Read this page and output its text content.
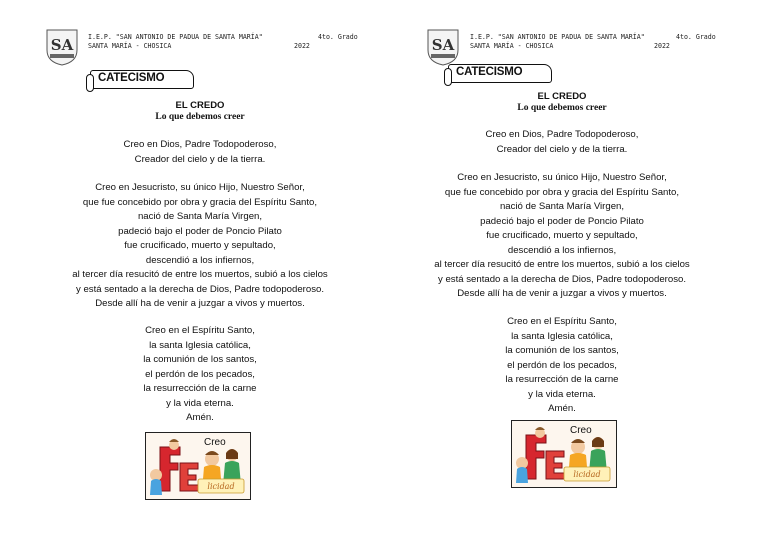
SA I.E.P. "SAN ANTONIO DE PADUA DE SANTA MARÍA"
SANTA MARÍA - CHOSICA
4to. Grado
2022
CATECISMO
EL CREDO
Lo que debemos creer
Creo en Dios, Padre Todopoderoso,
Creador del cielo y de la tierra.
Creo en Jesucristo, su único Hijo, Nuestro Señor,
que fue concebido por obra y gracia del Espíritu Santo,
nació de Santa María Virgen,
padeció bajo el poder de Poncio Pilato
fue crucificado, muerto y sepultado,
descendió a los infiernos,
al tercer día resucitó de entre los muertos, subió a los cielos
y está sentado a la derecha de Dios, Padre todopoderoso.
Desde allí ha de venir a juzgar a vivos y muertos.
Creo en el Espíritu Santo,
la santa Iglesia católica,
la comunión de los santos,
el perdón de los pecados,
la resurrección de la carne
y la vida eterna.
Amén.
licidad
Creo
SA I.E.P. "SAN ANTONIO DE PADUA DE SANTA MARÍA"
SANTA MARÍA - CHOSICA
4to. Grado
2022
CATECISMO
EL CREDO
Lo que debemos creer
Creo en Dios, Padre Todopoderoso,
Creador del cielo y de la tierra.
Creo en Jesucristo, su único Hijo, Nuestro Señor,
que fue concebido por obra y gracia del Espíritu Santo,
nació de Santa María Virgen,
padeció bajo el poder de Poncio Pilato
fue crucificado, muerto y sepultado,
descendió a los infiernos,
al tercer día resucitó de entre los muertos, subió a los cielos
y está sentado a la derecha de Dios, Padre todopoderoso.
Desde allí ha de venir a juzgar a vivos y muertos.
Creo en el Espíritu Santo,
la santa Iglesia católica,
la comunión de los santos,
el perdón de los pecados,
la resurrección de la carne
y la vida eterna.
Amén.
licidad
Creo
